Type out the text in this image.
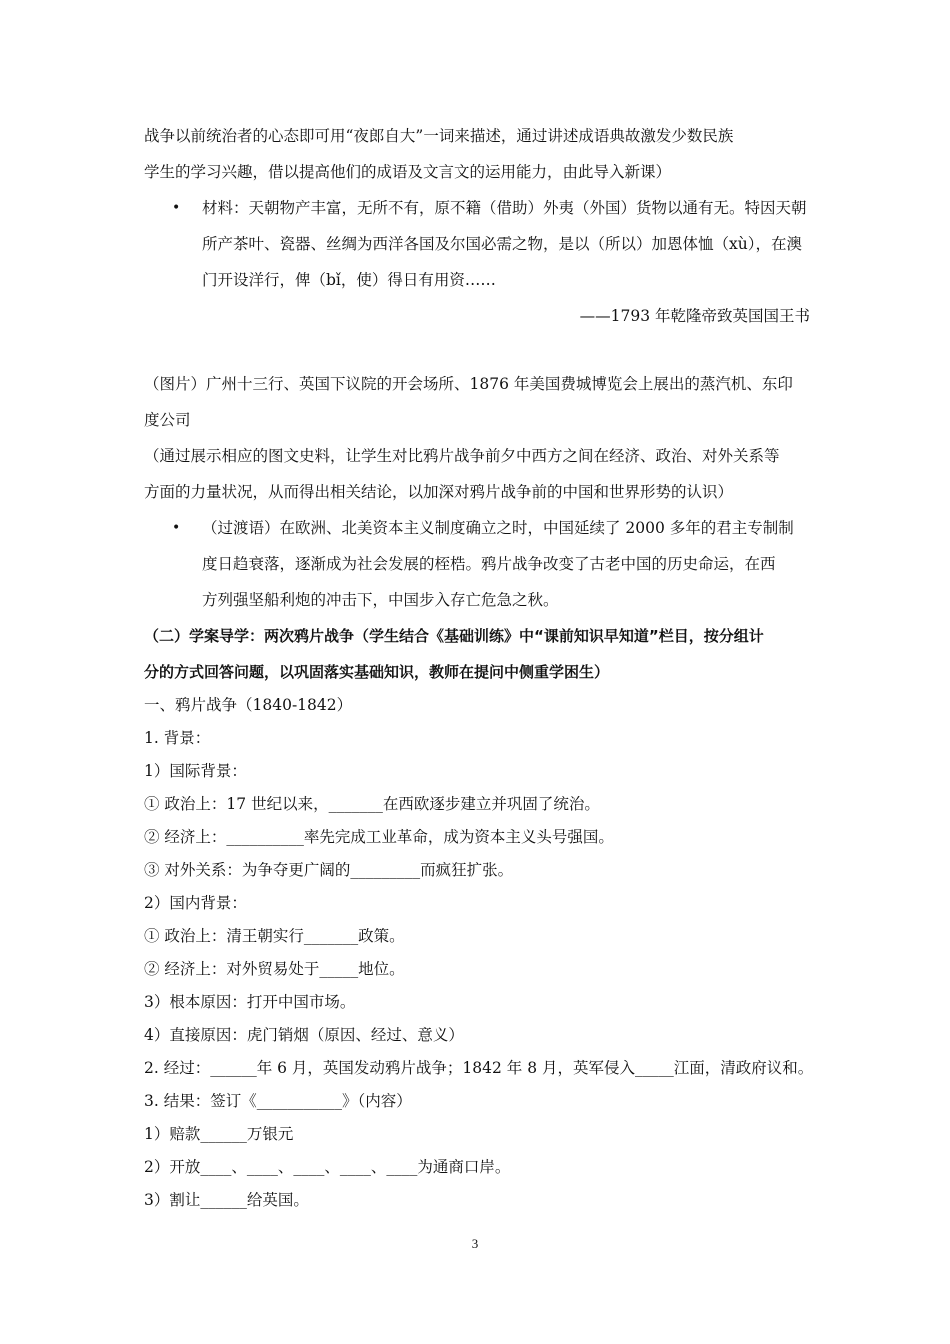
战争以前统治者的心态即可用“夜郎自大”一词来描述，通过讲述成语典故激发少数民族
学生的学习兴趣，借以提高他们的成语及文言文的运用能力，由此导入新课）
• 材料：天朝物产丰富，无所不有，原不籍（借助）外夷（外国）货物以通有无。特因天朝
所产茶叶、瓷器、丝绸为西洋各国及尔国必需之物，是以（所以）加恩体恤（xù），在澳
门开设洋行，俾（bǐ，使）得日有用资……
——1793 年乾隆帝致英国国王书
（图片）广州十三行、英国下议院的开会场所、1876 年美国费城博览会上展出的蒸汽机、东印
度公司
（通过展示相应的图文史料，让学生对比鸦片战争前夕中西方之间在经济、政治、对外关系等
方面的力量状况，从而得出相关结论，以加深对鸦片战争前的中国和世界形势的认识）
• （过渡语）在欧洲、北美资本主义制度确立之时，中国延续了 2000 多年的君主专制制
度日趋衰落，逐渐成为社会发展的桎梏。鸦片战争改变了古老中国的历史命运，在西
方列强坚船利炮的冲击下，中国步入存亡危急之秋。
（二）学案导学：两次鸦片战争（学生结合《基础训练》中“课前知识早知道”栏目，按分组计
分的方式回答问题，以巩固落实基础知识，教师在提问中侧重学困生）
一、鸦片战争（1840-1842）
1. 背景：
1）国际背景：
① 政治上：17 世纪以来，_______在西欧逐步建立并巩固了统治。
② 经济上：__________率先完成工业革命，成为资本主义头号强国。
③ 对外关系：为争夺更广阔的_________而疯狂扩张。
2）国内背景：
① 政治上：清王朝实行_______政策。
② 经济上：对外贸易处于_____地位。
3）根本原因：打开中国市场。
4）直接原因：虎门销烟（原因、经过、意义）
2. 经过：______年 6 月，英国发动鸦片战争；1842 年 8 月，英军侵入_____江面，清政府议和。
3. 结果：签订《___________》（内容）
1）赔款______万银元
2）开放____、____、____、____、____为通商口岸。
3）割让______给英国。
3
